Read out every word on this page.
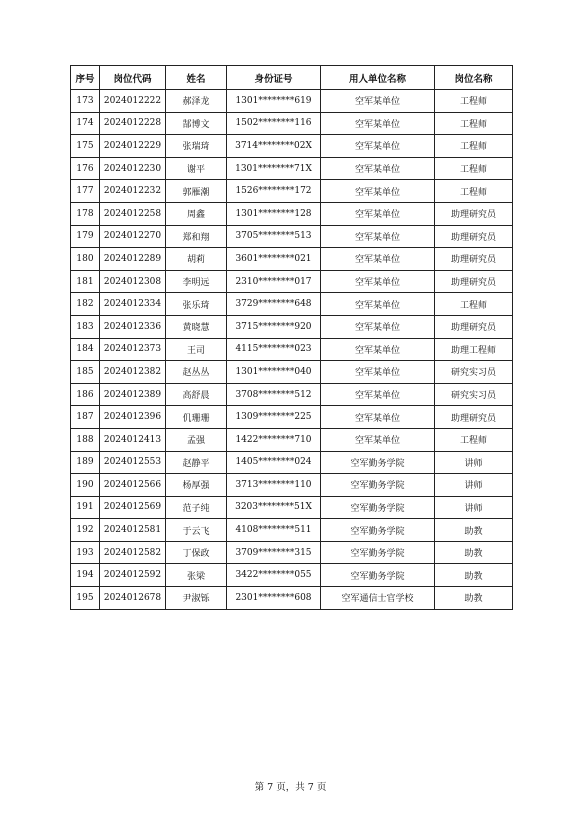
序号	岗位代码	姓名	身份证号	用人单位名称	岗位名称
173	2024012222	郝泽龙	1301********619	空军某单位	工程师
174	2024012228	郜博文	1502********116	空军某单位	工程师
175	2024012229	张瑞琦	3714********02X	空军某单位	工程师
176	2024012230	谢平	1301********71X	空军某单位	工程师
177	2024012232	郭雁潮	1526********172	空军某单位	工程师
178	2024012258	周鑫	1301********128	空军某单位	助理研究员
179	2024012270	郑和翔	3705********513	空军某单位	助理研究员
180	2024012289	胡莉	3601********021	空军某单位	助理研究员
181	2024012308	李明远	2310********017	空军某单位	助理研究员
182	2024012334	张乐琦	3729********648	空军某单位	工程师
183	2024012336	黄晓慧	3715********920	空军某单位	助理研究员
184	2024012373	王司	4115********023	空军某单位	助理工程师
185	2024012382	赵丛丛	1301********040	空军某单位	研究实习员
186	2024012389	高舒晨	3708********512	空军某单位	研究实习员
187	2024012396	仉珊珊	1309********225	空军某单位	助理研究员
188	2024012413	孟强	1422********710	空军某单位	工程师
189	2024012553	赵静平	1405********024	空军勤务学院	讲师
190	2024012566	杨厚强	3713********110	空军勤务学院	讲师
191	2024012569	范子纯	3203********51X	空军勤务学院	讲师
192	2024012581	于云飞	4108********511	空军勤务学院	助教
193	2024012582	丁保政	3709********315	空军勤务学院	助教
194	2024012592	张梁	3422********055	空军勤务学院	助教
195	2024012678	尹淑铄	2301********608	空军通信士官学校	助教
第 7 页，共 7 页
